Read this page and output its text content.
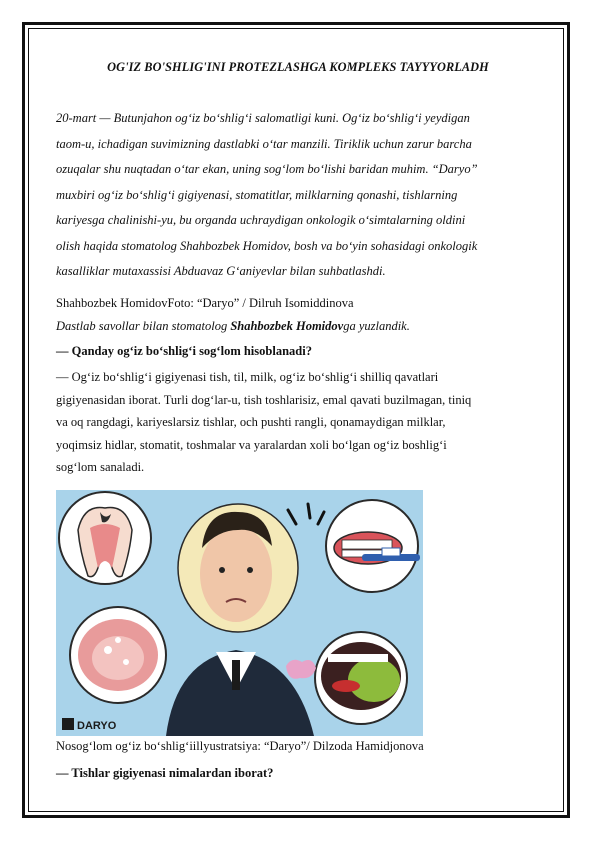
OG'IZ BO'SHLIG'INI PROTEZLASHGA KOMPLEKS TAYYYORLADH
20-mart — Butunjahon og‘iz bo‘shlig‘i salomatligi kuni. Og‘iz bo‘shlig‘i yeydigan
taom-u, ichadigan suvimizning dastlabki o‘tar manzili. Tiriklik uchun zarur barcha
ozuqalar shu nuqtadan o‘tar ekan, uning sog‘lom bo‘lishi baridan muhim. “Daryo”
muxbiri og‘iz bo‘shlig‘i gigiyenasi, stomatitlar, milklarning qonashi, tishlarning
kariyesga chalinishi-yu, bu organda uchraydigan onkologik o‘simtalarning oldini
olish haqida stomatolog Shahbozbek Homidov, bosh va bo‘yin sohasidagi onkologik
kasalliklar mutaxassisi Abduavaz G‘aniyevlar bilan suhbatlashdi.
Shahbozbek HomidovFoto: “Daryo” / Dilruh Isomiddinova
Dastlab savollar bilan stomatolog Shahbozbek Homidovga yuzlandik.
— Qanday og‘iz bo‘shlig‘i sog‘lom hisoblanadi?
— Og‘iz bo‘shlig‘i gigiyenasi tish, til, milk, og‘iz bo‘shlig‘i shilliq qavatlari
gigiyenasidan iborat. Turli dog‘lar-u, tish toshlarisiz, emal qavati buzilmagan, tiniq
va oq rangdagi, kariyeslarsiz tishlar, och pushti rangli, qonamaydigan milklar,
yoqimsiz hidlar, stomatit, toshmalar va yaralardan xoli bo‘lgan og‘iz boshlig‘i
sog‘lom sanaladi.
DARYO
Nosog‘lom og‘iz bo‘shlig‘i​illyustratsiya: “Daryo”/ Dilzoda Hamidjonova
— Tishlar gigiyenasi nimalardan iborat?
